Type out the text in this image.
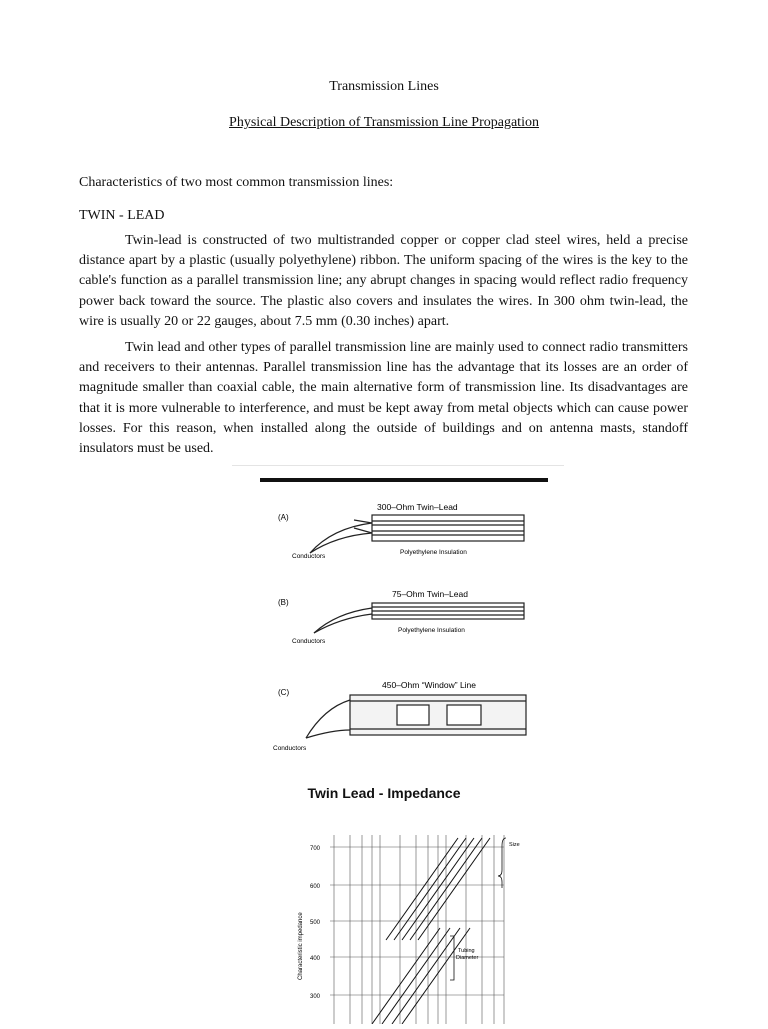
Transmission Lines
Physical Description of Transmission Line Propagation
Characteristics of two most common transmission lines:
TWIN - LEAD

Twin-lead is constructed of two multistranded copper or copper clad steel wires, held a precise distance apart by a plastic (usually polyethylene) ribbon. The uniform spacing of the wires is the key to the cable's function as a parallel transmission line; any abrupt changes in spacing would reflect radio frequency power back toward the source. The plastic also covers and insulates the wires. In 300 ohm twin-lead, the wire is usually 20 or 22 gauges, about 7.5 mm (0.30 inches) apart.

Twin lead and other types of parallel transmission line are mainly used to connect radio transmitters and receivers to their antennas. Parallel transmission line has the advantage that its losses are an order of magnitude smaller than coaxial cable, the main alternative form of transmission line. Its disadvantages are that it is more vulnerable to interference, and must be kept away from metal objects which can cause power losses. For this reason, when installed along the outside of buildings and on antenna masts, standoff insulators must be used.

(A)
300–Ohm Twin–Lead
Polyethylene Insulation
Conductors
(B)
75–Ohm Twin–Lead
Polyethylene Insulation
Conductors
(C)
450–Ohm “Window” Line
Conductors
Twin Lead - Impedance
700
600
500
400
300
Characteristic impedance
Size
Tubing
Diameter
